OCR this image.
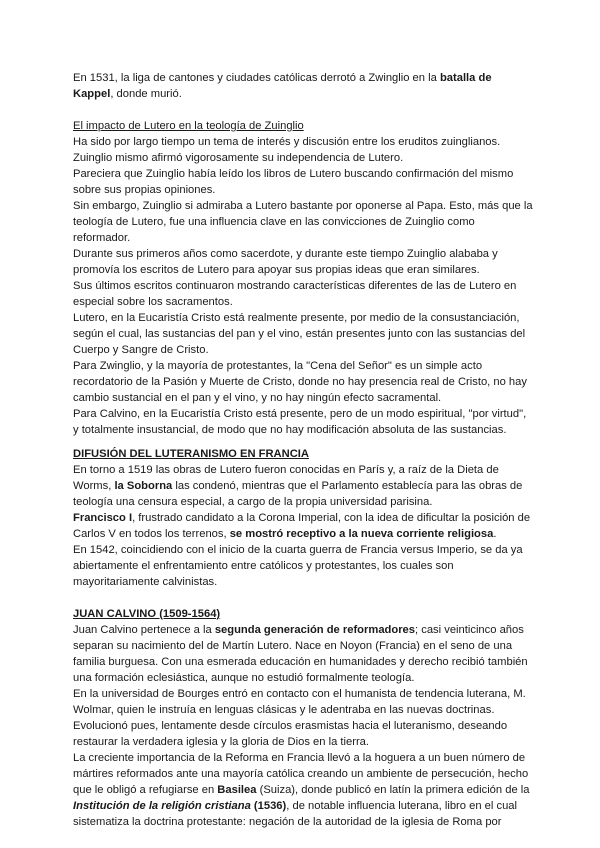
En 1531, la liga de cantones y ciudades católicas derrotó a Zwinglio en la batalla de Kappel, donde murió.

El impacto de Lutero en la teología de Zuinglio

Ha sido por largo tiempo un tema de interés y discusión entre los eruditos zuinglianos. Zuinglio mismo afirmó vigorosamente su independencia de Lutero.

Pareciera que Zuinglio había leído los libros de Lutero buscando confirmación del mismo sobre sus propias opiniones.

Sin embargo, Zuinglio si admiraba a Lutero bastante por oponerse al Papa. Esto, más que la teología de Lutero, fue una influencia clave en las convicciones de Zuinglio como reformador.

Durante sus primeros años como sacerdote, y durante este tiempo Zuinglio alababa y promovía los escritos de Lutero para apoyar sus propias ideas que eran similares.

Sus últimos escritos continuaron mostrando características diferentes de las de Lutero en especial sobre los sacramentos.

Lutero, en la Eucaristía Cristo está realmente presente, por medio de la consustanciación, según el cual, las sustancias del pan y el vino, están presentes junto con las sustancias del Cuerpo y Sangre de Cristo.

Para Zwinglio, y la mayoría de protestantes, la "Cena del Señor" es un simple acto recordatorio de la Pasión y Muerte de Cristo, donde no hay presencia real de Cristo, no hay cambio sustancial en el pan y el vino, y no hay ningún efecto sacramental.

Para Calvino, en la Eucaristía Cristo está presente, pero de un modo espiritual, "por virtud", y totalmente insustancial, de modo que no hay modificación absoluta de las sustancias.

DIFUSIÓN DEL LUTERANISMO EN FRANCIA

En torno a 1519 las obras de Lutero fueron conocidas en París y, a raíz de la Dieta de Worms, la Soborna las condenó, mientras que el Parlamento establecía para las obras de teología una censura especial, a cargo de la propia universidad parisina.

Francisco I, frustrado candidato a la Corona Imperial, con la idea de dificultar la posición de Carlos V en todos los terrenos, se mostró receptivo a la nueva corriente religiosa.

En 1542, coincidiendo con el inicio de la cuarta guerra de Francia versus Imperio, se da ya abiertamente el enfrentamiento entre católicos y protestantes, los cuales son mayoritariamente calvinistas.

JUAN CALVINO (1509-1564)

Juan Calvino pertenece a la segunda generación de reformadores; casi veinticinco años separan su nacimiento del de Martín Lutero. Nace en Noyon (Francia) en el seno de una familia burguesa. Con una esmerada educación en humanidades y derecho recibió también una formación eclesiástica, aunque no estudió formalmente teología.

En la universidad de Bourges entró en contacto con el humanista de tendencia luterana, M. Wolmar, quien le instruía en lenguas clásicas y le adentraba en las nuevas doctrinas.

Evolucionó pues, lentamente desde círculos erasmistas hacia el luteranismo, deseando restaurar la verdadera iglesia y la gloria de Dios en la tierra.

La creciente importancia de la Reforma en Francia llevó a la hoguera a un buen número de mártires reformados ante una mayoría católica creando un ambiente de persecución, hecho que le obligó a refugiarse en Basilea (Suiza), donde publicó en latín la primera edición de la Institución de la religión cristiana (1536), de notable influencia luterana, libro en el cual sistematiza la doctrina protestante: negación de la autoridad de la iglesia de Roma por
